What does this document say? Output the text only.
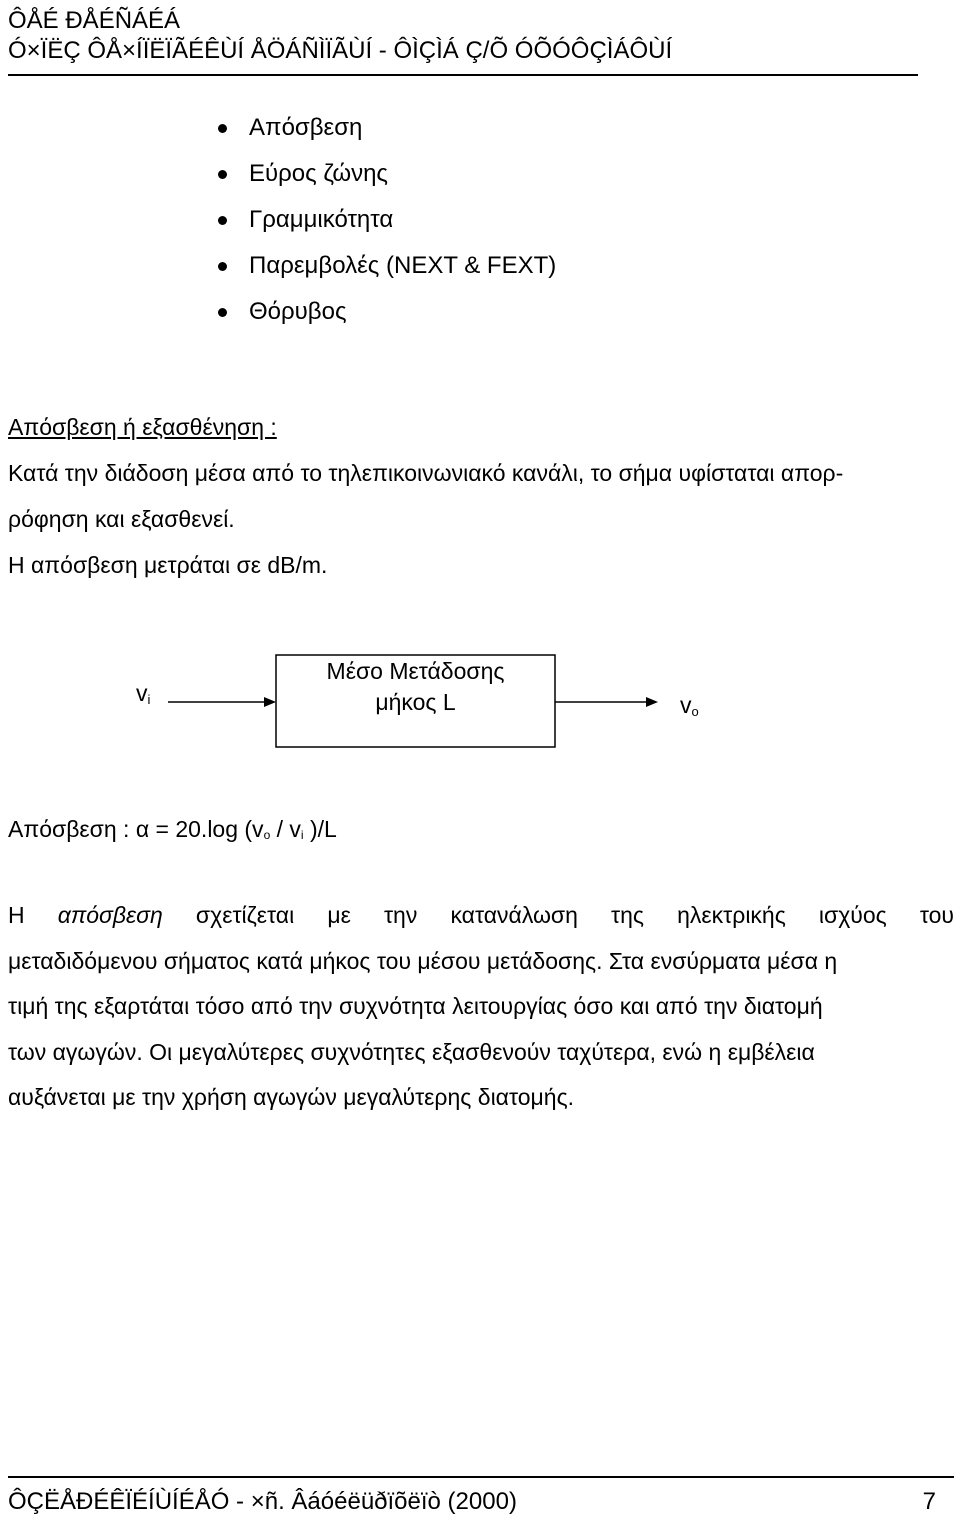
ÔÅÉ ÐÅÉÑÁÉÁ
Ó×ÏËÇ ÔÅ×ÍÏËÏÃÉÊÙÍ ÅÖÁÑÌÏÃÙÍ - ÔÌÇÌÁ Ç/Õ ÓÕÓÔÇÌÁÔÙÍ
Απόσβεση
Εύρος ζώνης
Γραμμικότητα
Παρεμβολές (NEXT & FEXT)
Θόρυβος
Απόσβεση ή εξασθένηση :
Κατά την διάδοση μέσα από το τηλεπικοινωνιακό κανάλι, το σήμα υφίσταται απορ-
ρόφηση και εξασθενεί.
Η απόσβεση μετράται σε dB/m.
$v_i$
Μέσο Μετάδοσης
μήκος L	$v_o$
Απόσβεση : α = 20.log ($v_o / v_i$ )/L
Η απόσβεση σχετίζεται με την κατανάλωση της ηλεκτρικής ισχύος του
μεταδιδόμενου σήματος κατά μήκος του μέσου μετάδοσης. Στα ενσύρματα μέσα η
τιμή της εξαρτάται τόσο από την συχνότητα λειτουργίας όσο και από την διατομή
των αγωγών. Οι μεγαλύτερες συχνότητες εξασθενούν ταχύτερα, ενώ η εμβέλεια
αυξάνεται με την χρήση αγωγών μεγαλύτερης διατομής.
ÔÇËÅÐÉÊÏÉÍÙÍÉÅÓ - ×ñ. Âáóéëüðïõëïò (2000)	7
